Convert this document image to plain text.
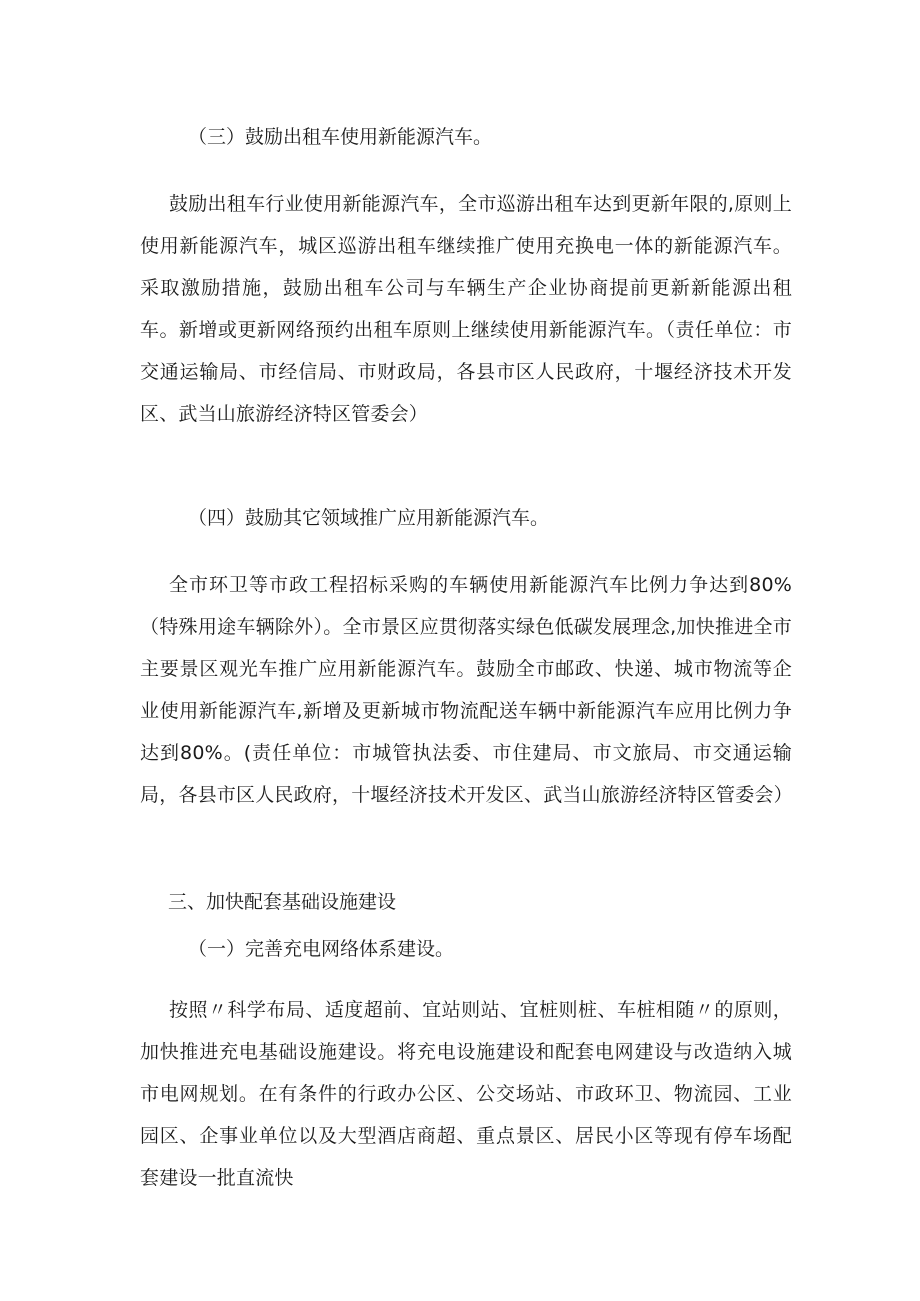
（三）鼓励出租车使用新能源汽车。

鼓励出租车行业使用新能源汽车，全市巡游出租车达到更新年限的,原则上使用新能源汽车，城区巡游出租车继续推广使用充换电一体的新能源汽车。采取激励措施，鼓励出租车公司与车辆生产企业协商提前更新新能源出租车。新增或更新网络预约出租车原则上继续使用新能源汽车。（责任单位：市交通运输局、市经信局、市财政局，各县市区人民政府，十堰经济技术开发区、武当山旅游经济特区管委会）

（四）鼓励其它领域推广应用新能源汽车。

全市环卫等市政工程招标采购的车辆使用新能源汽车比例力争达到80%（特殊用途车辆除外）。全市景区应贯彻落实绿色低碳发展理念,加快推进全市主要景区观光车推广应用新能源汽车。鼓励全市邮政、快递、城市物流等企业使用新能源汽车,新增及更新城市物流配送车辆中新能源汽车应用比例力争达到80%。(责任单位：市城管执法委、市住建局、市文旅局、市交通运输局，各县市区人民政府，十堰经济技术开发区、武当山旅游经济特区管委会）

三、加快配套基础设施建设

（一）完善充电网络体系建设。

按照〃科学布局、适度超前、宜站则站、宜桩则桩、车桩相随〃的原则，加快推进充电基础设施建设。将充电设施建设和配套电网建设与改造纳入城市电网规划。在有条件的行政办公区、公交场站、市政环卫、物流园、工业园区、企事业单位以及大型酒店商超、重点景区、居民小区等现有停车场配套建设一批直流快
